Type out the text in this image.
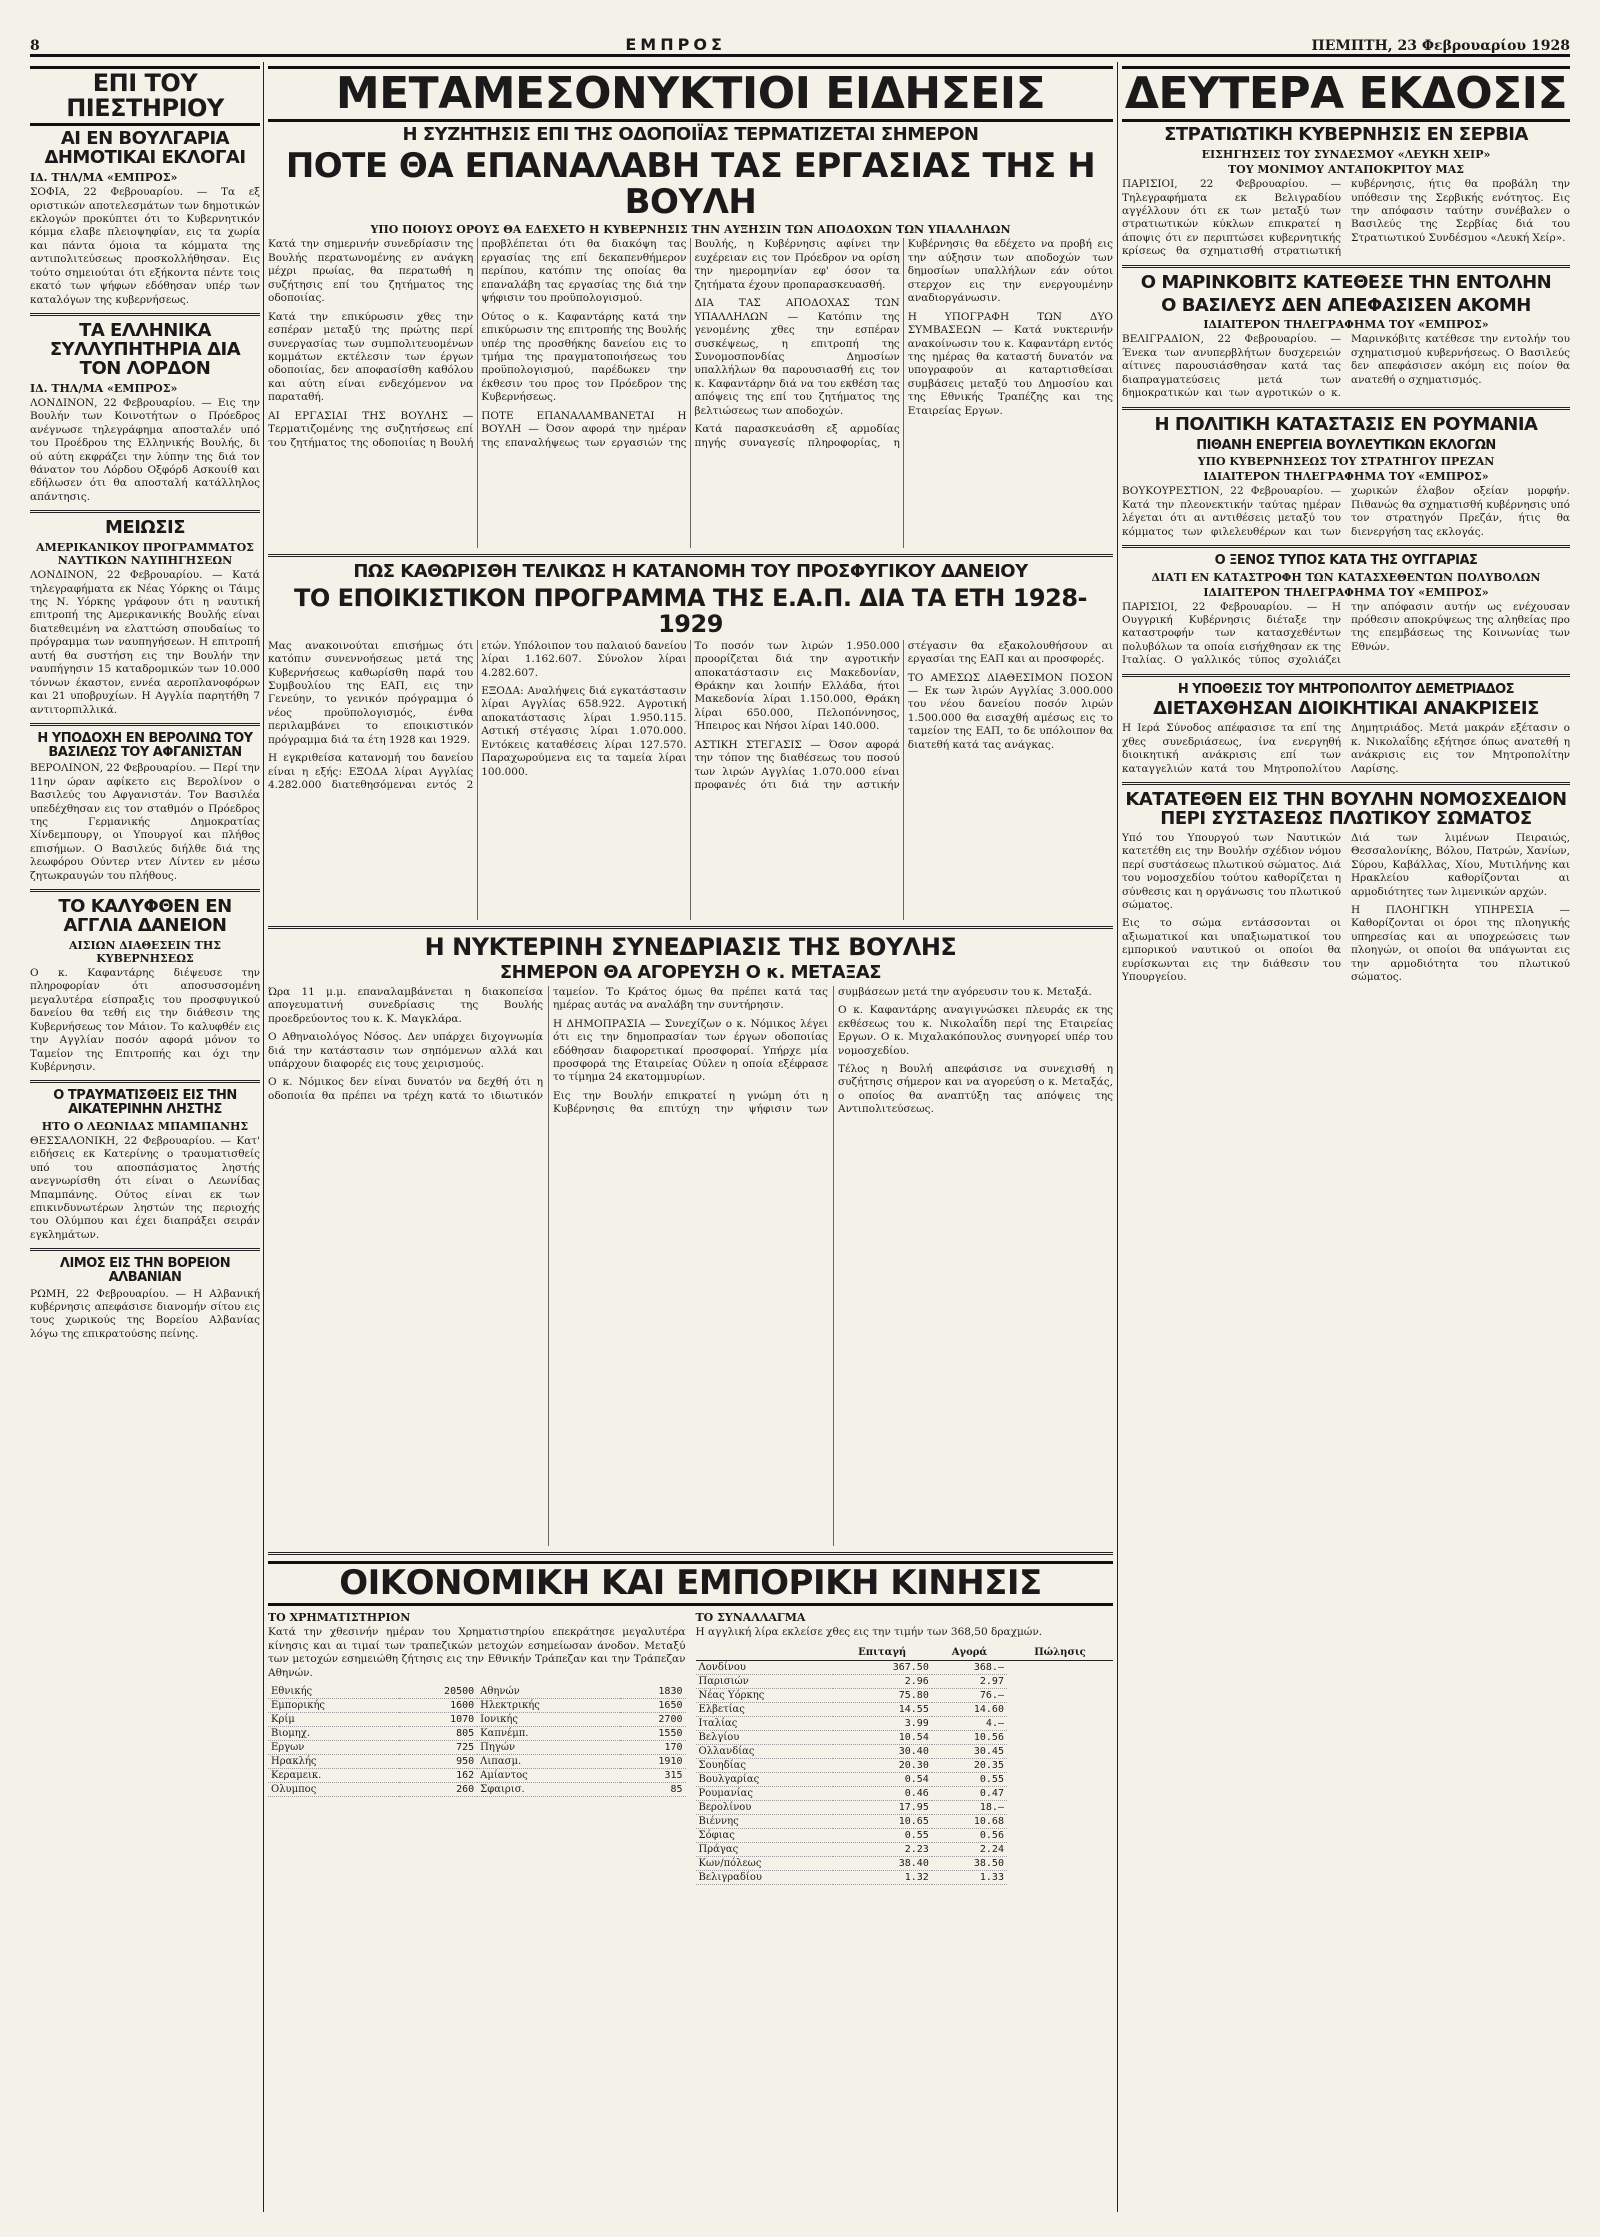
8	ΕΜΠΡΟΣ	ΠΕΜΠΤΗ, 23 Φεβρουαρίου 1928
ΕΠΙ ΤΟΥ ΠΙΕΣΤΗΡΙΟΥ
ΑΙ ΕΝ ΒΟΥΛΓΑΡΙΑ ΔΗΜΟΤΙΚΑΙ ΕΚΛΟΓΑΙ
ΙΔ. ΤΗΛ/ΜΑ «ΕΜΠΡΟΣ»

ΣΟΦΙΑ, 22 Φεβρουαρίου. — Τα εξ οριστικών αποτελεσμάτων των δημοτικών εκλογών προκύπτει ότι το Κυβερνητικόν κόμμα ελαβε πλειοψηφίαν, εις τα χωρία και πάντα όμοια τα κόμματα της αντιπολιτεύσεως προσκολλήθησαν. Εις τούτο σημειούται ότι εξήκοντα πέντε τοις εκατό των ψήφων εδόθησαν υπέρ των καταλόγων της κυβερνήσεως.

ΤΑ ΕΛΛΗΝΙΚΑ ΣΥΛΛΥΠΗΤΗΡΙΑ ΔΙΑ ΤΟΝ ΛΟΡΔΟΝ
ΙΔ. ΤΗΛ/ΜΑ «ΕΜΠΡΟΣ»

ΛΟΝΔΙΝΟΝ, 22 Φεβρουαρίου. — Εις την Βουλήν των Κοινοτήτων ο Πρόεδρος ανέγνωσε τηλεγράφημα αποσταλέν υπό του Προέδρου της Ελληνικής Βουλής, δι ού αύτη εκφράζει την λύπην της διά τον θάνατον του Λόρδου Οξφόρδ Ασκουίθ και εδήλωσεν ότι θα αποσταλή κατάλληλος απάντησις.

ΜΕΙΩΣΙΣ
ΑΜΕΡΙΚΑΝΙΚΟΥ ΠΡΟΓΡΑΜΜΑΤΟΣ ΝΑΥΤΙΚΩΝ ΝΑΥΠΗΓΗΣΕΩΝ

ΛΟΝΔΙΝΟΝ, 22 Φεβρουαρίου. — Κατά τηλεγραφήματα εκ Νέας Υόρκης οι Τάιμς της Ν. Υόρκης γράφουν ότι η ναυτική επιτροπή της Αμερικανικής Βουλής είναι διατεθειμένη να ελαττώση σπουδαίως το πρόγραμμα των ναυπηγήσεων. Η επιτροπή αυτή θα συστήση εις την Βουλήν την ναυπήγησιν 15 καταδρομικών των 10.000 τόννων έκαστον, εννέα αεροπλανοφόρων και 21 υποβρυχίων. Η Αγγλία παρητήθη 7 αντιτορπιλλικά.

Η ΥΠΟΔΟΧΗ ΕΝ ΒΕΡΟΛΙΝΩ ΤΟΥ ΒΑΣΙΛΕΩΣ ΤΟΥ ΑΦΓΑΝΙΣΤΑΝ

ΒΕΡΟΛΙΝΟΝ, 22 Φεβρουαρίου. — Περί την 11ην ώραν αφίκετο εις Βερολίνον ο Βασιλεύς του Αφγανιστάν. Τον Βασιλέα υπεδέχθησαν εις τον σταθμόν ο Πρόεδρος της Γερμανικής Δημοκρατίας Χίνδεμπουργ, οι Υπουργοί και πλήθος επισήμων. Ο Βασιλεύς διήλθε διά της λεωφόρου Ούντερ ντεν Λίντεν εν μέσω ζητωκραυγών του πλήθους.

ΤΟ ΚΑΛΥΦΘΕΝ ΕΝ ΑΓΓΛΙΑ ΔΑΝΕΙΟΝ
ΑΙΣΙΩΝ ΔΙΑΘΕΣΕΙΝ ΤΗΣ ΚΥΒΕΡΝΗΣΕΩΣ

Ο κ. Καφαντάρης διέψευσε την πληροφορίαν ότι αποσυσσομένη μεγαλυτέρα είσπραξις του προσφυγικού δανείου θα τεθή εις την διάθεσιν της Κυβερνήσεως τον Μάιον. Το καλυφθέν εις την Αγγλίαν ποσόν αφορά μόνον το Ταμείον της Επιτροπής και όχι την Κυβέρνησιν.

Ο ΤΡΑΥΜΑΤΙΣΘΕΙΣ ΕΙΣ ΤΗΝ ΑΙΚΑΤΕΡΙΝΗΝ ΛΗΣΤΗΣ
ΗΤΟ Ο ΛΕΩΝΙΔΑΣ ΜΠΑΜΠΑΝΗΣ

ΘΕΣΣΑΛΟΝΙΚΗ, 22 Φεβρουαρίου. — Κατ' ειδήσεις εκ Κατερίνης ο τραυματισθείς υπό του αποσπάσματος ληστής ανεγνωρίσθη ότι είναι ο Λεωνίδας Μπαμπάνης. Ούτος είναι εκ των επικινδυνωτέρων ληστών της περιοχής του Ολύμπου και έχει διαπράξει σειράν εγκλημάτων.

ΛΙΜΟΣ ΕΙΣ ΤΗΝ ΒΟΡΕΙΟΝ ΑΛΒΑΝΙΑΝ

ΡΩΜΗ, 22 Φεβρουαρίου. — Η Αλβανική κυβέρνησις απεφάσισε διανομήν σίτου εις τους χωρικούς της Βορείου Αλβανίας λόγω της επικρατούσης πείνης.

ΜΕΤΑΜΕΣΟΝΥΚΤΙΟΙ ΕΙΔΗΣΕΙΣ
Η ΣΥΖΗΤΗΣΙΣ ΕΠΙ ΤΗΣ ΟΔΟΠΟΙΪΑΣ ΤΕΡΜΑΤΙΖΕΤΑΙ ΣΗΜΕΡΟΝ
ΠΟΤΕ ΘΑ ΕΠΑΝΑΛΑΒΗ ΤΑΣ ΕΡΓΑΣΙΑΣ ΤΗΣ Η ΒΟΥΛΗ
ΥΠΟ ΠΟΙΟΥΣ ΟΡΟΥΣ ΘΑ ΕΔΕΧΕΤΟ Η ΚΥΒΕΡΝΗΣΙΣ ΤΗΝ ΑΥΞΗΣΙΝ ΤΩΝ ΑΠΟΔΟΧΩΝ ΤΩΝ ΥΠΑΛΛΗΛΩΝ

Κατά την σημερινήν συνεδρίασιν της Βουλής περατωνομένης εν ανάγκη μέχρι πρωίας, θα περατωθή η συζήτησις επί του ζητήματος της οδοποιίας.

Κατά την επικύρωσιν χθες την εσπέραν μεταξύ της πρώτης περί συνεργασίας των συμπολιτευομένων κομμάτων εκτέλεσιν των έργων οδοποιίας, δεν αποφασίσθη καθόλου και αύτη είναι ενδεχόμενον να παραταθή.

ΑΙ ΕΡΓΑΣΙΑΙ ΤΗΣ ΒΟΥΛΗΣ — Τερματιζομένης της συζητήσεως επί του ζητήματος της οδοποιίας η Βουλή προβλέπεται ότι θα διακόψη τας εργασίας της επί δεκαπενθήμερον περίπου, κατόπιν της οποίας θα επαναλάβη τας εργασίας της διά την ψήφισιν του προϋπολογισμού.

Ούτος ο κ. Καφαντάρης κατά την επικύρωσιν της επιτροπής της Βουλής υπέρ της προσθήκης δανείου εις το τμήμα της πραγματοποιήσεως του προϋπολογισμού, παρέδωκεν την έκθεσιν του προς τον Πρόεδρον της Κυβερνήσεως.

ΠΟΤΕ ΕΠΑΝΑΛΑΜΒΑΝΕΤΑΙ Η ΒΟΥΛΗ — Όσον αφορά την ημέραν της επαναλήψεως των εργασιών της Βουλής, η Κυβέρνησις αφίνει την ευχέρειαν εις τον Πρόεδρον να ορίση την ημερομηνίαν εφ' όσον τα ζητήματα έχουν προπαρασκευασθή.

ΔΙΑ ΤΑΣ ΑΠΟΔΟΧΑΣ ΤΩΝ ΥΠΑΛΛΗΛΩΝ — Κατόπιν της γενομένης χθες την εσπέραν συσκέψεως, η επιτροπή της Συνομοσπονδίας Δημοσίων υπαλλήλων θα παρουσιασθή εις τον κ. Καφαντάρην διά να του εκθέση τας απόψεις της επί του ζητήματος της βελτιώσεως των αποδοχών.

Κατά παρασκευάσθη εξ αρμοδίας πηγής συναγεσίς πληροφορίας, η Κυβέρνησις θα εδέχετο να προβή εις την αύξησιν των αποδοχών των δημοσίων υπαλλήλων εάν ούτοι στερχον εις την ενεργουμένην αναδιοργάνωσιν.

Η ΥΠΟΓΡΑΦΗ ΤΩΝ ΔΥΟ ΣΥΜΒΑΣΕΩΝ — Κατά νυκτερινήν ανακοίνωσιν του κ. Καφαντάρη εντός της ημέρας θα καταστή δυνατόν να υπογραφούν αι καταρτισθείσαι συμβάσεις μεταξύ του Δημοσίου και της Εθνικής Τραπέζης και της Εταιρείας Εργων.

ΠΩΣ ΚΑΘΩΡΙΣΘΗ ΤΕΛΙΚΩΣ Η ΚΑΤΑΝΟΜΗ ΤΟΥ ΠΡΟΣΦΥΓΙΚΟΥ ΔΑΝΕΙΟΥ
ΤΟ ΕΠΟΙΚΙΣΤΙΚΟΝ ΠΡΟΓΡΑΜΜΑ ΤΗΣ Ε.Α.Π. ΔΙΑ ΤΑ ΕΤΗ 1928-1929

Μας ανακοινούται επισήμως ότι κατόπιν συνεννοήσεως μετά της Κυβερνήσεως καθωρίσθη παρά του Συμβουλίου της ΕΑΠ, εις την Γενεύην, το γενικόν πρόγραμμα ό νέος προϋπολογισμός, ένθα περιλαμβάνει το εποικιστικόν πρόγραμμα διά τα έτη 1928 και 1929.

Η εγκριθείσα κατανομή του δανείου είναι η εξής: ΕΞΟΔΑ λίραι Αγγλίας 4.282.000 διατεθησόμεναι εντός 2 ετών. Υπόλοιπον του παλαιού δανείου λίραι 1.162.607. Σύνολον λίραι 4.282.607.

ΕΞΟΔΑ: Αναλήψεις διά εγκατάστασιν λίραι Αγγλίας 658.922. Αγροτική αποκατάστασις λίραι 1.950.115. Αστική στέγασις λίραι 1.070.000. Εντόκεις καταθέσεις λίραι 127.570. Παραχωρούμενα εις τα ταμεία λίραι 100.000.

Το ποσόν των λιρών 1.950.000 προορίζεται διά την αγροτικήν αποκατάστασιν εις Μακεδονίαν, Θράκην και λοιπήν Ελλάδα, ήτοι Μακεδονία λίραι 1.150.000, Θράκη λίραι 650.000, Πελοπόννησος, Ήπειρος και Νήσοι λίραι 140.000.

ΑΣΤΙΚΗ ΣΤΕΓΑΣΙΣ — Όσον αφορά την τόπον της διαθέσεως του ποσού των λιρών Αγγλίας 1.070.000 είναι προφανές ότι διά την αστικήν στέγασιν θα εξακολουθήσουν αι εργασίαι της ΕΑΠ και αι προσφορές.

ΤΟ ΑΜΕΣΩΣ ΔΙΑΘΕΣΙΜΟΝ ΠΟΣΟΝ — Εκ των λιρών Αγγλίας 3.000.000 του νέου δανείου ποσόν λιρών 1.500.000 θα εισαχθή αμέσως εις το ταμείον της ΕΑΠ, το δε υπόλοιπον θα διατεθή κατά τας ανάγκας.

Η ΝΥΚΤΕΡΙΝΗ ΣΥΝΕΔΡΙΑΣΙΣ ΤΗΣ ΒΟΥΛΗΣ
ΣΗΜΕΡΟΝ ΘΑ ΑΓΟΡΕΥΣΗ Ο κ. ΜΕΤΑΞΑΣ

Ώρα 11 μ.μ. επαναλαμβάνεται η διακοπείσα απογευματινή συνεδρίασις της Βουλής προεδρεύοντος του κ. Κ. Μαγκλάρα.

Ο Αθηναιολόγος Νόσος. Δεν υπάρχει διχογνωμία διά την κατάστασιν των σηπόμενων αλλά και υπάρχουν διαφορές εις τους χειρισμούς.

Ο κ. Νόμικος δεν είναι δυνατόν να δεχθή ότι η οδοποιία θα πρέπει να τρέχη κατά το ιδιωτικόν ταμείον. Το Κράτος όμως θα πρέπει κατά τας ημέρας αυτάς να αναλάβη την συντήρησιν.

Η ΔΗΜΟΠΡΑΣΙΑ — Συνεχίζων ο κ. Νόμικος λέγει ότι εις την δημοπρασίαν των έργων οδοποιίας εδόθησαν διαφορετικαί προσφοραί. Υπήρχε μία προσφορά της Εταιρείας Ούλεν η οποία εξέφρασε το τίμημα 24 εκατομμυρίων.

Εις την Βουλήν επικρατεί η γνώμη ότι η Κυβέρνησις θα επιτύχη την ψήφισιν των συμβάσεων μετά την αγόρευσιν του κ. Μεταξά.

Ο κ. Καφαντάρης αναγιγνώσκει πλευράς εκ της εκθέσεως του κ. Νικολαΐδη περί της Εταιρείας Εργων. Ο κ. Μιχαλακόπουλος συνηγορεί υπέρ του νομοσχεδίου.

Τέλος η Βουλή απεφάσισε να συνεχισθή η συζήτησις σήμερον και να αγορεύση ο κ. Μεταξάς, ο οποίος θα αναπτύξη τας απόψεις της Αντιπολιτεύσεως.

ΟΙΚΟΝΟΜΙΚΗ ΚΑΙ ΕΜΠΟΡΙΚΗ ΚΙΝΗΣΙΣ
ΤΟ ΧΡΗΜΑΤΙΣΤΗΡΙΟΝ

Κατά την χθεσινήν ημέραν του Χρηματιστηρίου επεκράτησε μεγαλυτέρα κίνησις και αι τιμαί των τραπεζικών μετοχών εσημείωσαν άνοδον. Μεταξύ των μετοχών εσημειώθη ζήτησις εις την Εθνικήν Τράπεζαν και την Τράπεζαν Αθηνών.

Εθνικής	20500	Αθηνών	1830
Εμπορικής	1600	Ηλεκτρικής	1650
Κρίμ	1070	Ιονικής	2700
Βιομηχ.	805	Καπνέμπ.	1550
Εργων	725	Πηγών	170
Ηρακλής	950	Λιπασμ.	1910
Κεραμεικ.	162	Αμίαντος	315
Ολυμπος	260	Σφαιρισ.	85
ΤΟ ΣΥΝΑΛΛΑΓΜΑ

Η αγγλική λίρα εκλείσε χθες εις την τιμήν των 368,50 δραχμών.

	Επιταγή	Αγορά	Πώλησις
Λονδίνου	367.50	368.—	
Παρισιών	2.96	2.97	
Νέας Υόρκης	75.80	76.—	
Ελβετίας	14.55	14.60	
Ιταλίας	3.99	4.—	
Βελγίου	10.54	10.56	
Ολλανδίας	30.40	30.45	
Σουηδίας	20.30	20.35	
Βουλγαρίας	0.54	0.55	
Ρουμανίας	0.46	0.47	
Βερολίνου	17.95	18.—	
Βιέννης	10.65	10.68	
Σόφιας	0.55	0.56	
Πράγας	2.23	2.24	
Κων/πόλεως	38.40	38.50	
Βελιγραδίου	1.32	1.33	
ΔΕΥΤΕΡΑ ΕΚΔΟΣΙΣ
ΣΤΡΑΤΙΩΤΙΚΗ ΚΥΒΕΡΝΗΣΙΣ ΕΝ ΣΕΡΒΙΑ
ΕΙΣΗΓΗΣΕΙΣ ΤΟΥ ΣΥΝΔΕΣΜΟΥ «ΛΕΥΚΗ ΧΕΙΡ»
ΤΟΥ ΜΟΝΙΜΟΥ ΑΝΤΑΠΟΚΡΙΤΟΥ ΜΑΣ

ΠΑΡΙΣΙΟΙ, 22 Φεβρουαρίου. — Τηλεγραφήματα εκ Βελιγραδίου αγγέλλουν ότι εκ των μεταξύ των στρατιωτικών κύκλων επικρατεί η άποψις ότι εν περιπτώσει κυβερνητικής κρίσεως θα σχηματισθή στρατιωτική κυβέρνησις, ήτις θα προβάλη την υπόθεσιν της Σερβικής ενότητος. Εις την απόφασιν ταύτην συνέβαλεν ο Βασιλεύς της Σερβίας διά του Στρατιωτικού Συνδέσμου «Λευκή Χείρ».

Ο ΜΑΡΙΝΚΟΒΙΤΣ ΚΑΤΕΘΕΣΕ ΤΗΝ ΕΝΤΟΛΗΝ
Ο ΒΑΣΙΛΕΥΣ ΔΕΝ ΑΠΕΦΑΣΙΣΕΝ ΑΚΟΜΗ
ΙΔΙΑΙΤΕΡΟΝ ΤΗΛΕΓΡΑΦΗΜΑ ΤΟΥ «ΕΜΠΡΟΣ»

ΒΕΛΙΓΡΑΔΙΟΝ, 22 Φεβρουαρίου. — Ένεκα των ανυπερβλήτων δυσχερειών αίτινες παρουσιάσθησαν κατά τας διαπραγματεύσεις μετά των δημοκρατικών και των αγροτικών ο κ. Μαρινκόβιτς κατέθεσε την εντολήν του σχηματισμού κυβερνήσεως. Ο Βασιλεύς δεν απεφάσισεν ακόμη εις ποίον θα ανατεθή ο σχηματισμός.

Η ΠΟΛΙΤΙΚΗ ΚΑΤΑΣΤΑΣΙΣ ΕΝ ΡΟΥΜΑΝΙΑ
ΠΙΘΑΝΗ ΕΝΕΡΓΕΙΑ ΒΟΥΛΕΥΤΙΚΩΝ ΕΚΛΟΓΩΝ
ΥΠΟ ΚΥΒΕΡΝΗΣΕΩΣ ΤΟΥ ΣΤΡΑΤΗΓΟΥ ΠΡΕΖΑΝ
ΙΔΙΑΙΤΕΡΟΝ ΤΗΛΕΓΡΑΦΗΜΑ ΤΟΥ «ΕΜΠΡΟΣ»

ΒΟΥΚΟΥΡΕΣΤΙΟΝ, 22 Φεβρουαρίου. — Κατά την πλεονεκτικήν ταύτας ημέραν λέγεται ότι αι αντιθέσεις μεταξύ του κόμματος των φιλελευθέρων και των χωρικών έλαβον οξείαν μορφήν. Πιθανώς θα σχηματισθή κυβέρνησις υπό τον στρατηγόν Πρεζάν, ήτις θα διενεργήση τας εκλογάς.

Ο ΞΕΝΟΣ ΤΥΠΟΣ ΚΑΤΑ ΤΗΣ ΟΥΓΓΑΡΙΑΣ
ΔΙΑΤΙ ΕΝ ΚΑΤΑΣΤΡΟΦΗ ΤΩΝ ΚΑΤΑΣΧΕΘΕΝΤΩΝ ΠΟΛΥΒΟΛΩΝ
ΙΔΙΑΙΤΕΡΟΝ ΤΗΛΕΓΡΑΦΗΜΑ ΤΟΥ «ΕΜΠΡΟΣ»

ΠΑΡΙΣΙΟΙ, 22 Φεβρουαρίου. — Η Ουγγρική Κυβέρνησις διέταξε την καταστροφήν των κατασχεθέντων πολυβόλων τα οποία εισήχθησαν εκ της Ιταλίας. Ο γαλλικός τύπος σχολιάζει την απόφασιν αυτήν ως ενέχουσαν πρόθεσιν αποκρύψεως της αληθείας προ της επεμβάσεως της Κοινωνίας των Εθνών.

Η ΥΠΟΘΕΣΙΣ ΤΟΥ ΜΗΤΡΟΠΟΛΙΤΟΥ ΔΕΜΕΤΡΙΑΔΟΣ
ΔΙΕΤΑΧΘΗΣΑΝ ΔΙΟΙΚΗΤΙΚΑΙ ΑΝΑΚΡΙΣΕΙΣ

Η Ιερά Σύνοδος απέφασισε τα επί της χθες συνεδριάσεως, ίνα ενεργηθή διοικητική ανάκρισις επί των καταγγελιών κατά του Μητροπολίτου Δημητριάδος. Μετά μακράν εξέτασιν ο κ. Νικολαΐδης εξήτησε όπως ανατεθή η ανάκρισις εις τον Μητροπολίτην Λαρίσης.

ΚΑΤΑΤΕΘΕΝ ΕΙΣ ΤΗΝ ΒΟΥΛΗΝ ΝΟΜΟΣΧΕΔΙΟΝ ΠΕΡΙ ΣΥΣΤΑΣΕΩΣ ΠΛΩΤΙΚΟΥ ΣΩΜΑΤΟΣ

Υπό του Υπουργού των Ναυτικών κατετέθη εις την Βουλήν σχέδιον νόμου περί συστάσεως πλωτικού σώματος. Διά του νομοσχεδίου τούτου καθορίζεται η σύνθεσις και η οργάνωσις του πλωτικού σώματος.

Εις το σώμα εντάσσονται οι αξιωματικοί και υπαξιωματικοί του εμπορικού ναυτικού οι οποίοι θα ευρίσκωνται εις την διάθεσιν του Υπουργείου.

Διά των λιμένων Πειραιώς, Θεσσαλονίκης, Βόλου, Πατρών, Χανίων, Σύρου, Καβάλλας, Χίου, Μυτιλήνης και Ηρακλείου καθορίζονται αι αρμοδιότητες των λιμενικών αρχών.

Η ΠΛΟΗΓΙΚΗ ΥΠΗΡΕΣΙΑ — Καθορίζονται οι όροι της πλοηγικής υπηρεσίας και αι υποχρεώσεις των πλοηγών, οι οποίοι θα υπάγωνται εις την αρμοδιότητα του πλωτικού σώματος.
